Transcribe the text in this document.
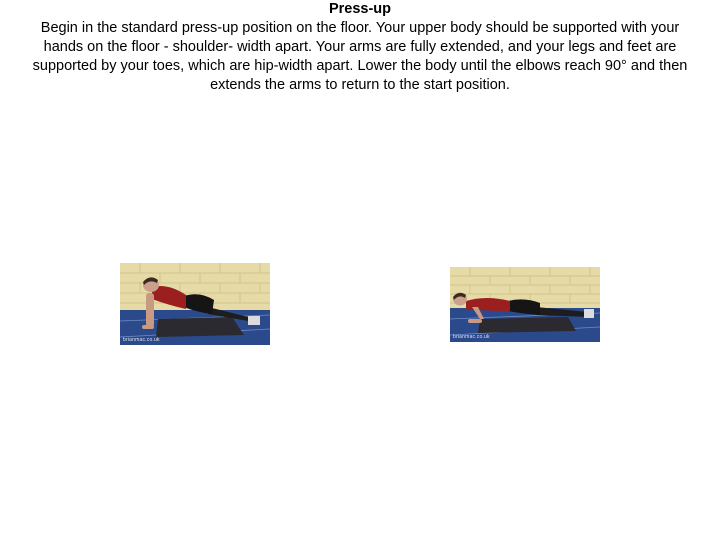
Press-up
Begin in the standard press-up position on the floor. Your upper body should be supported with your hands on the floor - shoulder- width apart. Your arms are fully extended, and your legs and feet are supported by your toes, which are hip-width apart. Lower the body until the elbows reach 90° and then extends the arms to return to the start position.
brianmac.co.uk	brianmac.co.uk
